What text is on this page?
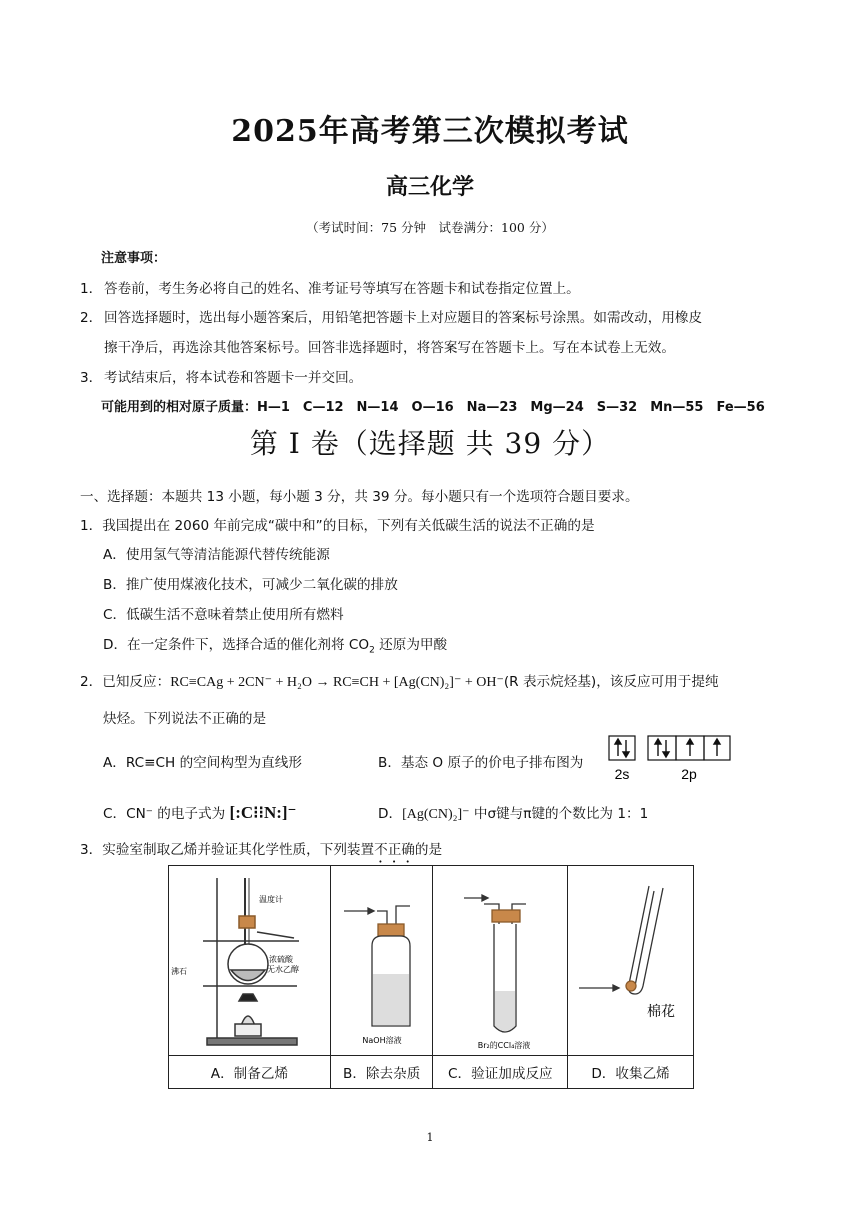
2025年高考第三次模拟考试
高三化学
（考试时间：75 分钟　试卷满分：100 分）
注意事项：
1． 答卷前，考生务必将自己的姓名、准考证号等填写在答题卡和试卷指定位置上。
2． 回答选择题时，选出每小题答案后，用铅笔把答题卡上对应题目的答案标号涂黑。如需改动，用橡皮
擦干净后，再选涂其他答案标号。回答非选择题时，将答案写在答题卡上。写在本试卷上无效。
3． 考试结束后，将本试卷和答题卡一并交回。
可能用到的相对原子质量：H—1　C—12　N—14　O—16　Na—23　Mg—24　S—32　Mn—55　Fe—56
第 I 卷（选择题 共 39 分）
一、选择题：本题共 13 小题，每小题 3 分，共 39 分。每小题只有一个选项符合题目要求。
1．我国提出在 2060 年前完成“碳中和”的目标，下列有关低碳生活的说法不正确的是
A．使用氢气等清洁能源代替传统能源
B．推广使用煤液化技术，可减少二氧化碳的排放
C．低碳生活不意味着禁止使用所有燃料
D．在一定条件下，选择合适的催化剂将 $CO_2$ 还原为甲酸
2．已知反应：RC≡CAg + 2CN⁻ + H₂O → RC≡CH + [Ag(CN)₂]⁻ + OH⁻(R 表示烷烃基)，该反应可用于提纯
炔烃。下列说法不正确的是
A．RC≡CH 的空间构型为直线形	B．基态 O 原子的价电子排布图为
2s	2p
C．CN⁻ 的电子式为 [:C⁝⁝N:]⁻	D．[Ag(CN)₂]⁻ 中σ键与π键的个数比为 1：1
3．实验室制取乙烯并验证其化学性质，下列装置不正确的是
温度计
沸石
浓硫酸
无水乙醇	NaOH溶液	Br₂的CCl₄溶液	棉花

A．制备乙烯	B．除去杂质	C．验证加成反应	D．收集乙烯
1
